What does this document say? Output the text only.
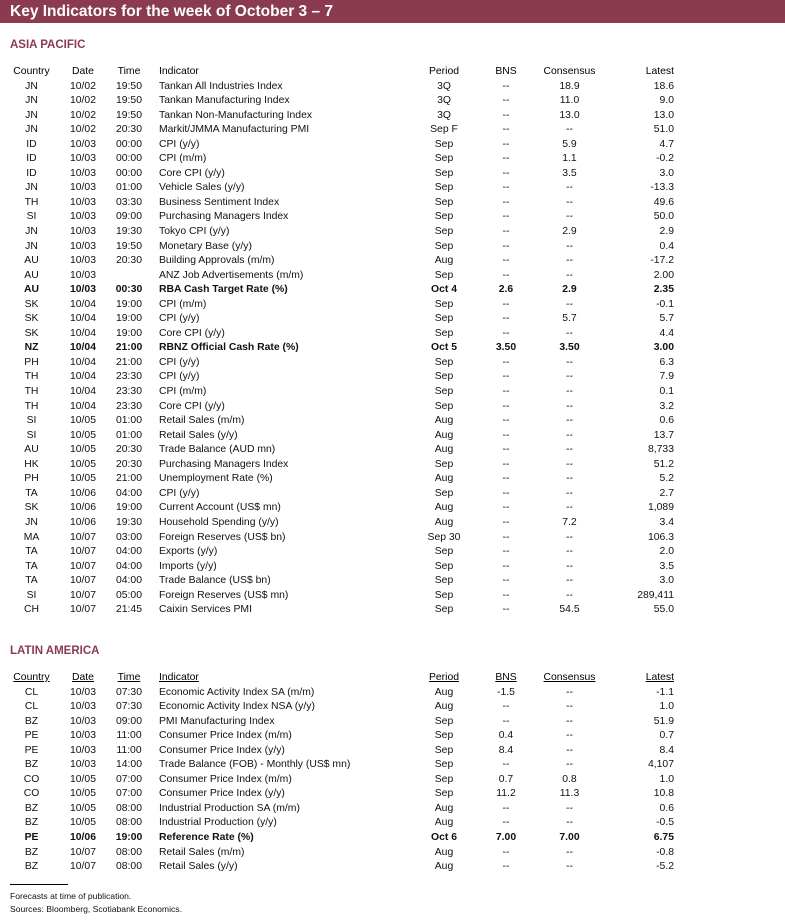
Key Indicators for the week of October 3 – 7
ASIA PACIFIC
Country	Date	Time	Indicator	Period	BNS	Consensus	Latest
JN	10/02	19:50	Tankan All Industries Index	3Q	--	18.9	18.6
JN	10/02	19:50	Tankan Manufacturing Index	3Q	--	11.0	9.0
JN	10/02	19:50	Tankan Non-Manufacturing Index	3Q	--	13.0	13.0
JN	10/02	20:30	Markit/JMMA Manufacturing PMI	Sep F	--	--	51.0
ID	10/03	00:00	CPI (y/y)	Sep	--	5.9	4.7
ID	10/03	00:00	CPI (m/m)	Sep	--	1.1	-0.2
ID	10/03	00:00	Core CPI (y/y)	Sep	--	3.5	3.0
JN	10/03	01:00	Vehicle Sales (y/y)	Sep	--	--	-13.3
TH	10/03	03:30	Business Sentiment Index	Sep	--	--	49.6
SI	10/03	09:00	Purchasing Managers Index	Sep	--	--	50.0
JN	10/03	19:30	Tokyo CPI (y/y)	Sep	--	2.9	2.9
JN	10/03	19:50	Monetary Base (y/y)	Sep	--	--	0.4
AU	10/03	20:30	Building Approvals (m/m)	Aug	--	--	-17.2
AU	10/03		ANZ Job Advertisements (m/m)	Sep	--	--	2.00
AU	10/03	00:30	RBA Cash Target Rate (%)	Oct 4	2.6	2.9	2.35
SK	10/04	19:00	CPI (m/m)	Sep	--	--	-0.1
SK	10/04	19:00	CPI (y/y)	Sep	--	5.7	5.7
SK	10/04	19:00	Core CPI (y/y)	Sep	--	--	4.4
NZ	10/04	21:00	RBNZ Official Cash Rate (%)	Oct 5	3.50	3.50	3.00
PH	10/04	21:00	CPI (y/y)	Sep	--	--	6.3
TH	10/04	23:30	CPI (y/y)	Sep	--	--	7.9
TH	10/04	23:30	CPI (m/m)	Sep	--	--	0.1
TH	10/04	23:30	Core CPI (y/y)	Sep	--	--	3.2
SI	10/05	01:00	Retail Sales (m/m)	Aug	--	--	0.6
SI	10/05	01:00	Retail Sales (y/y)	Aug	--	--	13.7
AU	10/05	20:30	Trade Balance (AUD mn)	Aug	--	--	8,733
HK	10/05	20:30	Purchasing Managers Index	Sep	--	--	51.2
PH	10/05	21:00	Unemployment Rate (%)	Aug	--	--	5.2
TA	10/06	04:00	CPI (y/y)	Sep	--	--	2.7
SK	10/06	19:00	Current Account (US$ mn)	Aug	--	--	1,089
JN	10/06	19:30	Household Spending (y/y)	Aug	--	7.2	3.4
MA	10/07	03:00	Foreign Reserves (US$ bn)	Sep 30	--	--	106.3
TA	10/07	04:00	Exports (y/y)	Sep	--	--	2.0
TA	10/07	04:00	Imports (y/y)	Sep	--	--	3.5
TA	10/07	04:00	Trade Balance (US$ bn)	Sep	--	--	3.0
SI	10/07	05:00	Foreign Reserves (US$ mn)	Sep	--	--	289,411
CH	10/07	21:45	Caixin Services PMI	Sep	--	54.5	55.0
LATIN AMERICA
Country	Date	Time	Indicator	Period	BNS	Consensus	Latest
CL	10/03	07:30	Economic Activity Index SA (m/m)	Aug	-1.5	--	-1.1
CL	10/03	07:30	Economic Activity Index NSA (y/y)	Aug	--	--	1.0
BZ	10/03	09:00	PMI Manufacturing Index	Sep	--	--	51.9
PE	10/03	11:00	Consumer Price Index (m/m)	Sep	0.4	--	0.7
PE	10/03	11:00	Consumer Price Index (y/y)	Sep	8.4	--	8.4
BZ	10/03	14:00	Trade Balance (FOB) - Monthly (US$ mn)	Sep	--	--	4,107
CO	10/05	07:00	Consumer Price Index (m/m)	Sep	0.7	0.8	1.0
CO	10/05	07:00	Consumer Price Index (y/y)	Sep	11.2	11.3	10.8
BZ	10/05	08:00	Industrial Production SA (m/m)	Aug	--	--	0.6
BZ	10/05	08:00	Industrial Production (y/y)	Aug	--	--	-0.5
PE	10/06	19:00	Reference Rate (%)	Oct 6	7.00	7.00	6.75
BZ	10/07	08:00	Retail Sales (m/m)	Aug	--	--	-0.8
BZ	10/07	08:00	Retail Sales (y/y)	Aug	--	--	-5.2
Forecasts at time of publication.
Sources: Bloomberg, Scotiabank Economics.
